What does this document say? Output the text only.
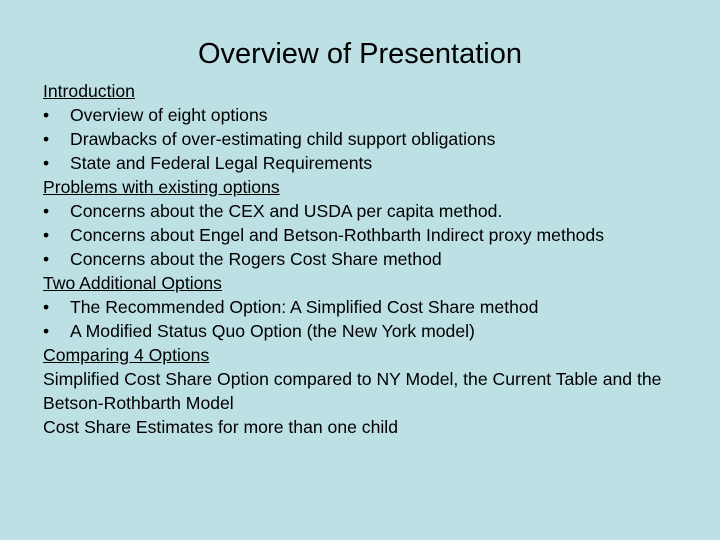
Overview of Presentation
Introduction
•	Overview of eight options
•	Drawbacks of over-estimating child support obligations
•	State and Federal Legal Requirements
Problems with existing options
•	Concerns about the CEX and USDA per capita method.
•	Concerns about Engel and Betson-Rothbarth Indirect proxy methods
•	Concerns about the Rogers Cost Share method
Two Additional Options
•	The Recommended Option: A Simplified Cost Share method
•	A Modified Status Quo Option (the New York model)
Comparing 4 Options
Simplified Cost Share Option compared to NY Model, the Current Table and the Betson-Rothbarth Model
Cost Share Estimates for more than one child
